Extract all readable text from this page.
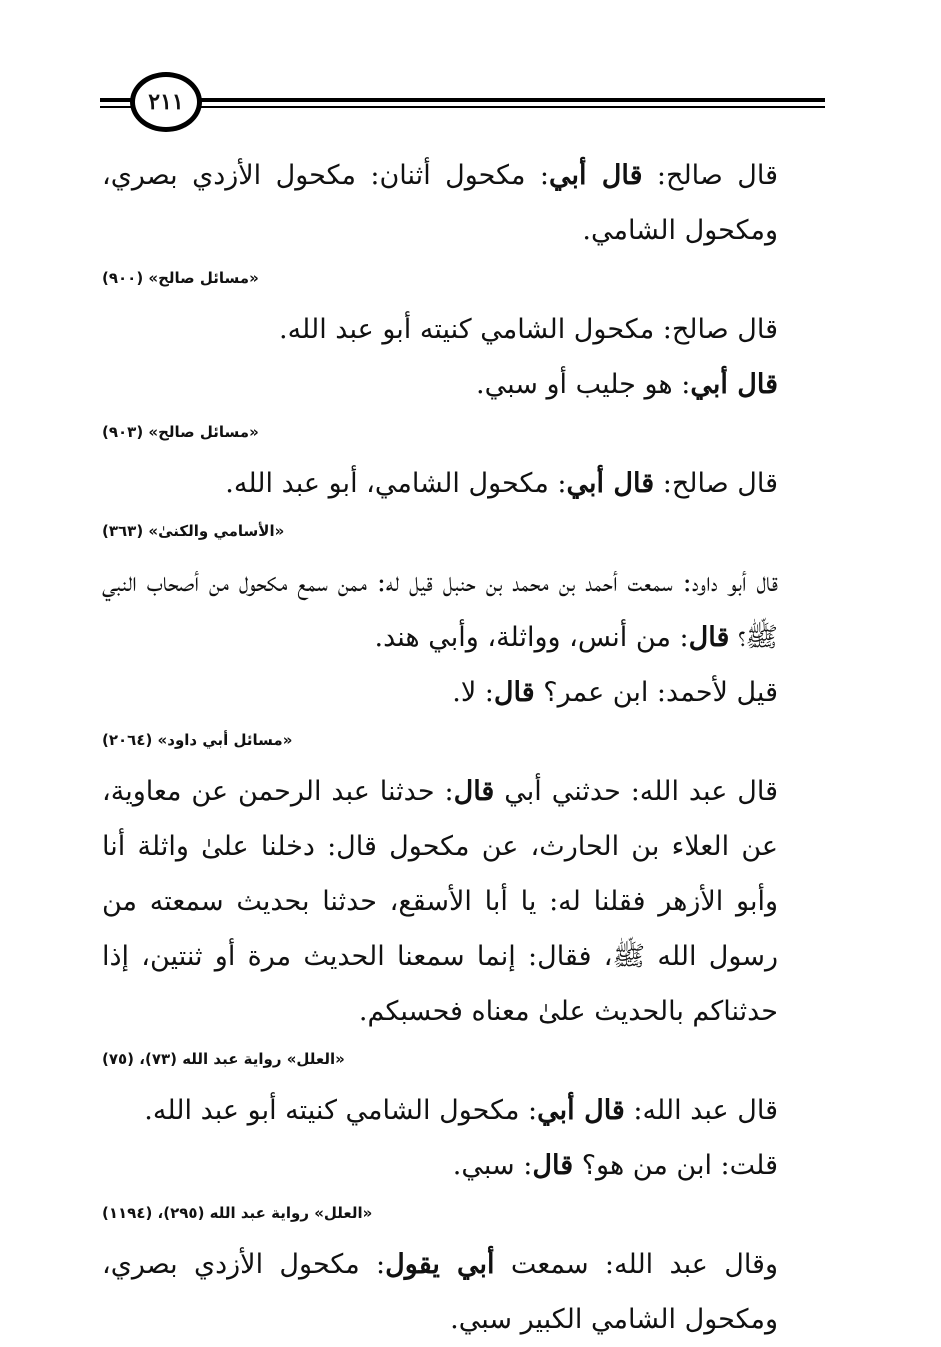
٢١١

قال صالح: قال أبي: مكحول أثنان: مكحول الأزدي بصري، ومكحول الشامي.

«مسائل صالح» (٩٠٠)

قال صالح: مكحول الشامي كنيته أبو عبد الله.

قال أبي: هو جليب أو سبي.

«مسائل صالح» (٩٠٣)

قال صالح: قال أبي: مكحول الشامي، أبو عبد الله.

«الأسامي والكنىٰ» (٣٦٣)

قال أبو داود: سمعت أحمد بن محمد بن حنبل قيل له: ممن سمع مكحول من أصحاب النبي ﷺ؟ قال: من أنس، وواثلة، وأبي هند.

قيل لأحمد: ابن عمر؟ قال: لا.

«مسائل أبي داود» (٢٠٦٤)

قال عبد الله: حدثني أبي قال: حدثنا عبد الرحمن عن معاوية، عن العلاء بن الحارث، عن مكحول قال: دخلنا علىٰ واثلة أنا وأبو الأزهر فقلنا له: يا أبا الأسقع، حدثنا بحديث سمعته من رسول الله ﷺ، فقال: إنما سمعنا الحديث مرة أو ثنتين، إذا حدثناكم بالحديث علىٰ معناه فحسبكم.

«العلل» رواية عبد الله (٧٣)، (٧٥)

قال عبد الله: قال أبي: مكحول الشامي كنيته أبو عبد الله.

قلت: ابن من هو؟ قال: سبي.

«العلل» رواية عبد الله (٢٩٥)، (١١٩٤)

وقال عبد الله: سمعت أبي يقول: مكحول الأزدي بصري، ومكحول الشامي الكبير سبي.
